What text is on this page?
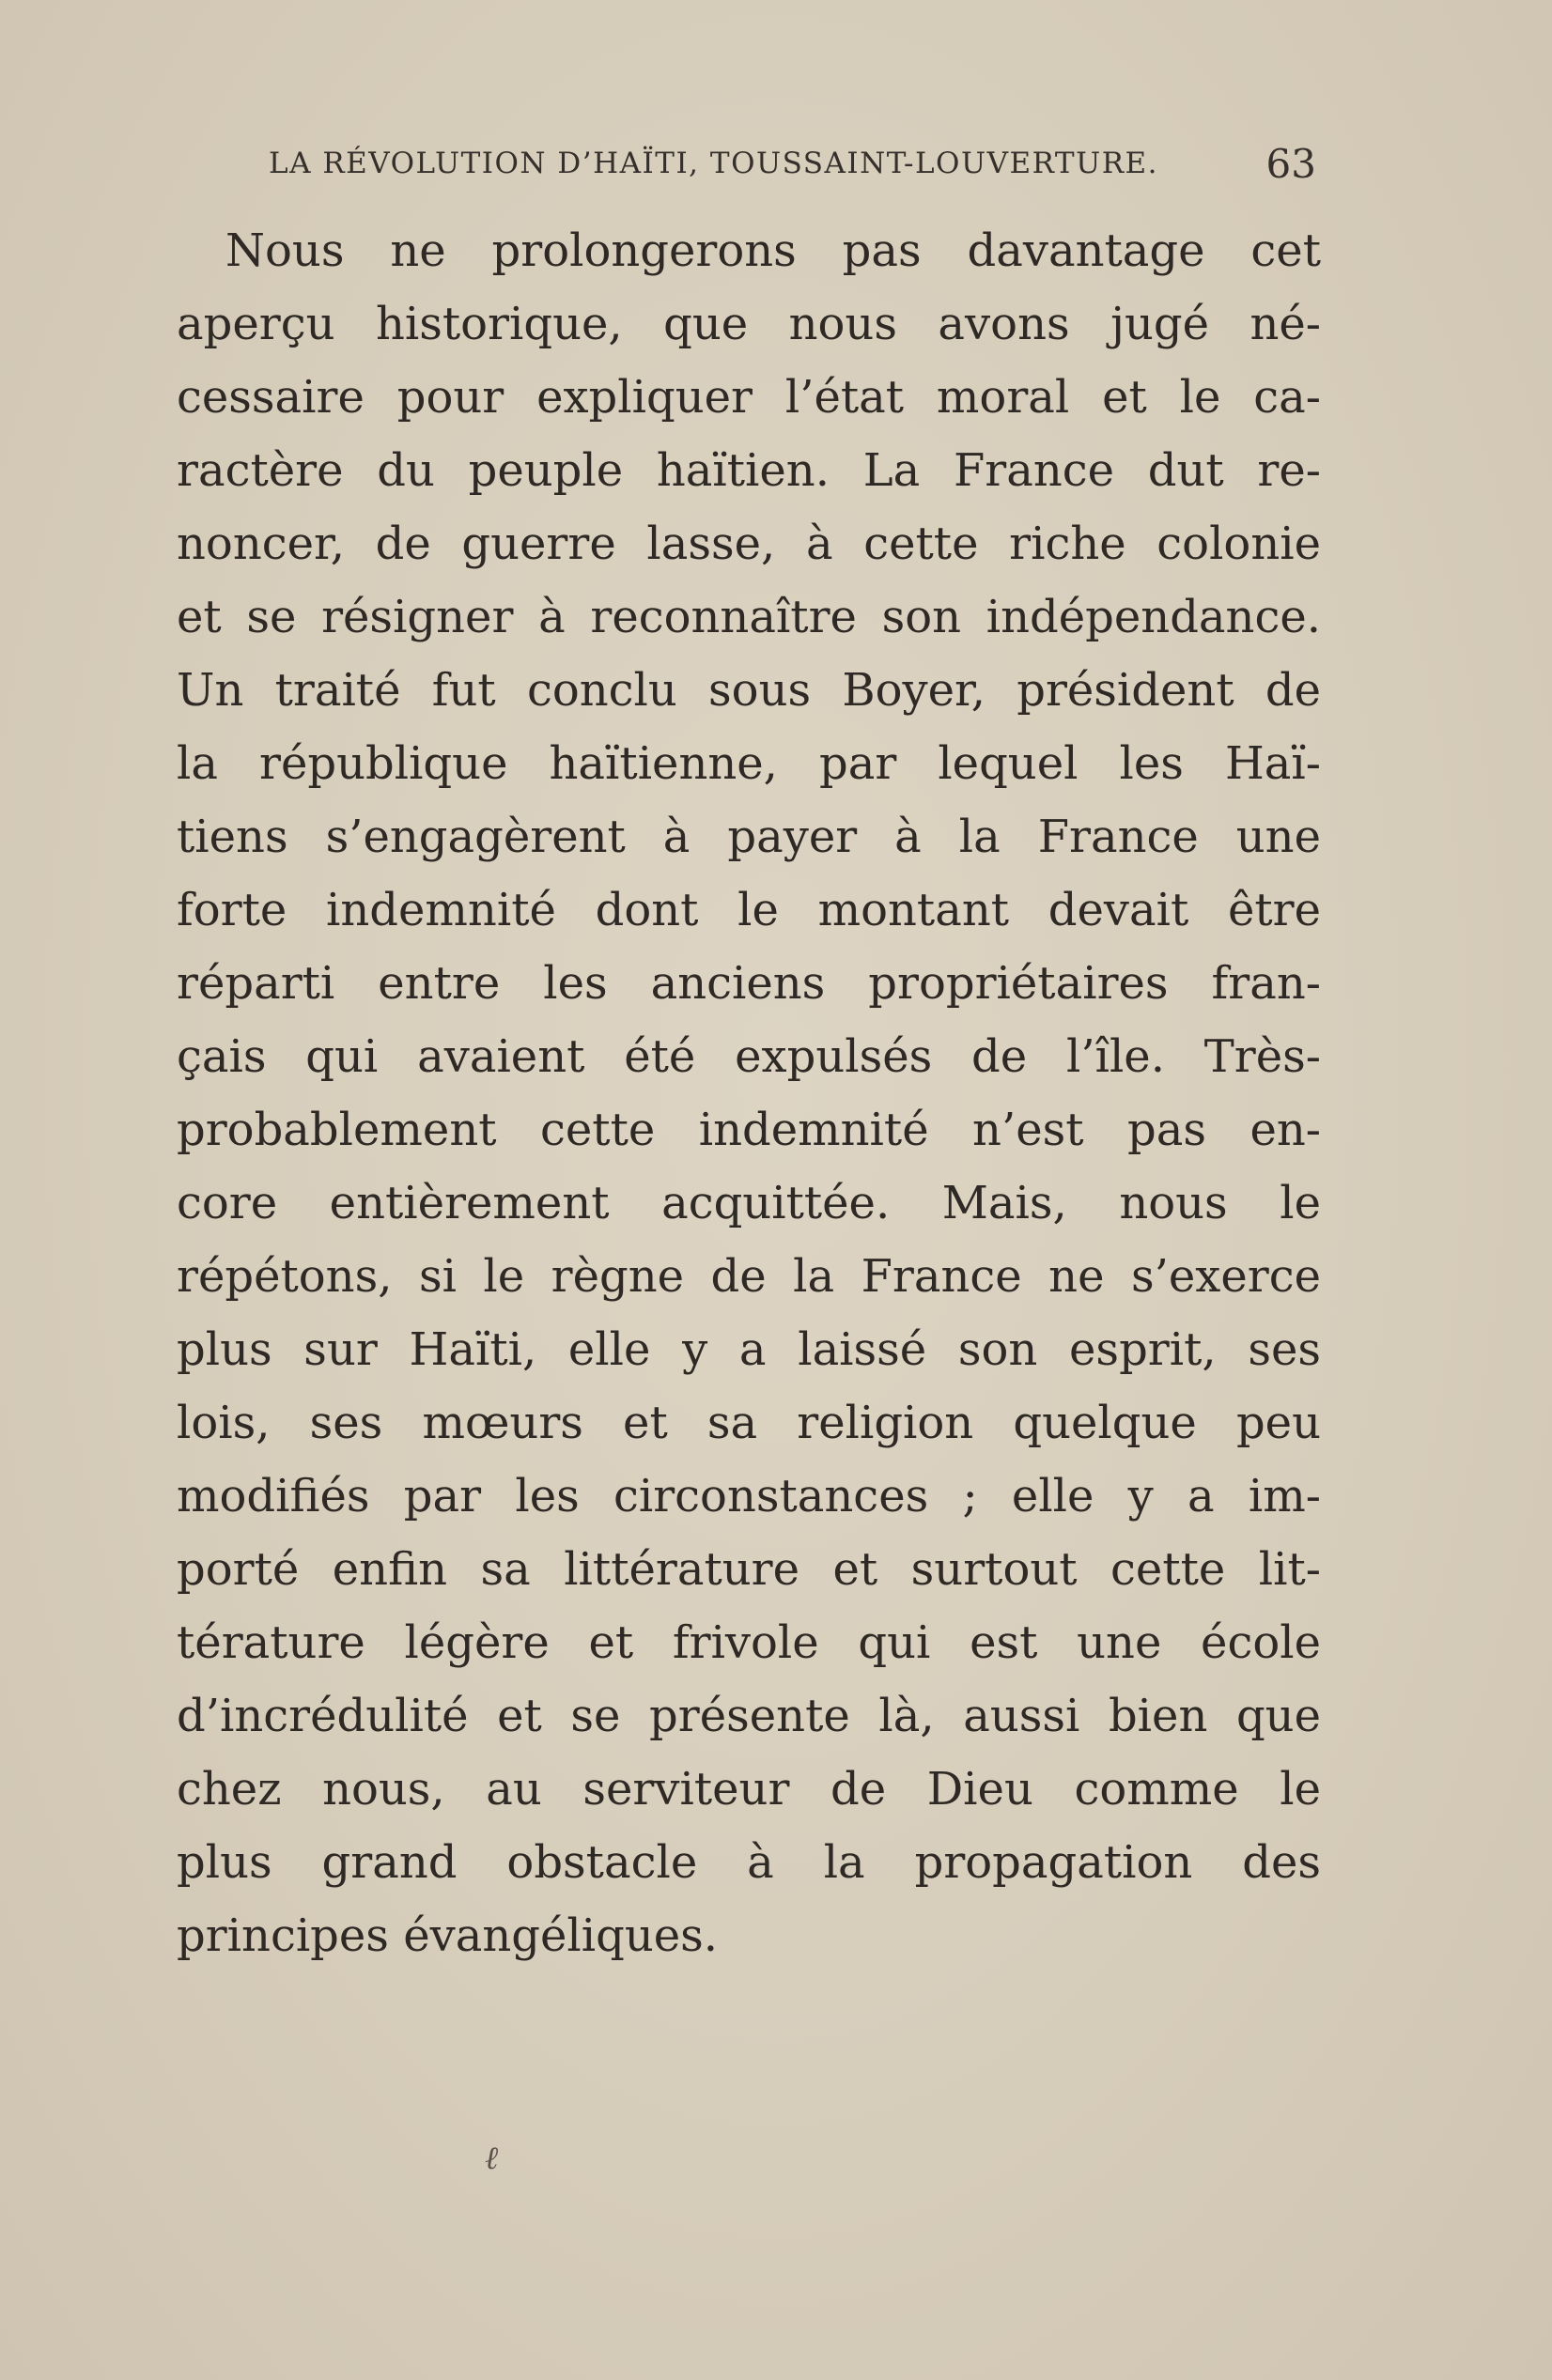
LA RÉVOLUTION D’HAÏTI, TOUSSAINT-LOUVERTURE.	63
Nous ne prolongerons pas davantage cet
aperçu historique, que nous avons jugé né-
cessaire pour expliquer l’état moral et le ca-
ractère du peuple haïtien. La France dut re-
noncer, de guerre lasse, à cette riche colonie
et se résigner à reconnaître son indépendance.
Un traité fut conclu sous Boyer, président de
la république haïtienne, par lequel les Haï-
tiens s’engagèrent à payer à la France une
forte indemnité dont le montant devait être
réparti entre les anciens propriétaires fran-
çais qui avaient été expulsés de l’île. Très-
probablement cette indemnité n’est pas en-
core entièrement acquittée. Mais, nous le
répétons, si le règne de la France ne s’exerce
plus sur Haïti, elle y a laissé son esprit, ses
lois, ses mœurs et sa religion quelque peu
modifiés par les circonstances ; elle y a im-
porté enfin sa littérature et surtout cette lit-
térature légère et frivole qui est une école
d’incrédulité et se présente là, aussi bien que
chez nous, au serviteur de Dieu comme le
plus grand obstacle à la propagation des
principes évangéliques.
ℓ
